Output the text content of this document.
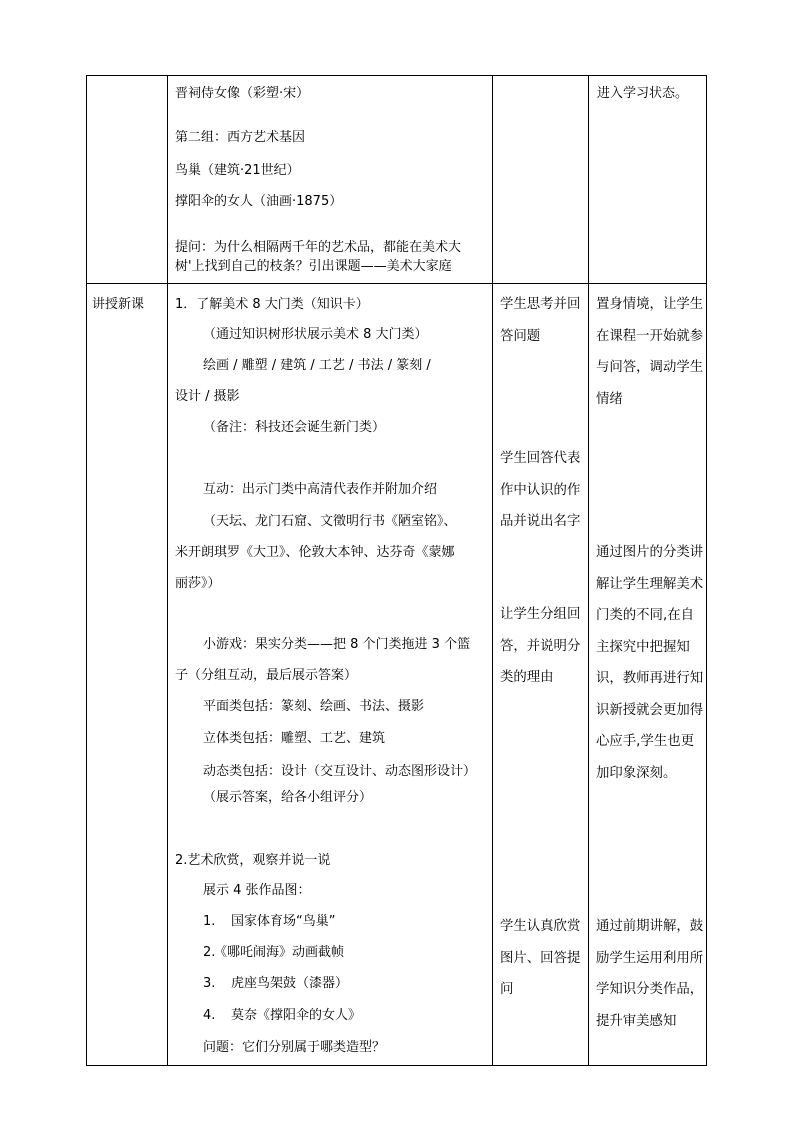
晋祠侍女像（彩塑·宋）
第二组：西方艺术基因
鸟巢（建筑·21世纪）
撑阳伞的女人（油画·1875）
提问：为什么相隔两千年的艺术品，都能在美术大
树'上找到自己的枝条？引出课题——美术大家庭
进入学习状态。
讲授新课 1．了解美术 8 大门类（知识卡）
（通过知识树形状展示美术 8 大门类）
绘画 / 雕塑 / 建筑 / 工艺 / 书法 / 篆刻 /
设计 / 摄影
（备注：科技还会诞生新门类）
互动：出示门类中高清代表作并附加介绍
（天坛、龙门石窟、文徵明行书《陋室铭》、
米开朗琪罗《大卫》、伦敦大本钟、达芬奇《蒙娜
丽莎》）
小游戏：果实分类——把 8 个门类拖进 3 个篮
子（分组互动，最后展示答案）
平面类包括：篆刻、绘画、书法、摄影
立体类包括：雕塑、工艺、建筑
动态类包括：设计（交互设计、动态图形设计）
（展示答案，给各小组评分）
2.艺术欣赏，观察并说一说
展示 4 张作品图：
1. 国家体育场“鸟巢”
2.
《哪吒闹海》动画截帧
3. 虎座鸟架鼓（漆器）
4. 莫奈《撑阳伞的女人》
问题：它们分别属于哪类造型？
学生思考并回答问题
学生回答代表作中认识的作品并说出名字
让学生分组回答，并说明分类的理由
学生认真欣赏图片、回答提问
置身情境，让学生在课程一开始就参与问答，调动学生情绪
通过图片的分类讲解让学生理解美术门类的不同,在自主探究中把握知识，教师再进行知识新授就会更加得心应手,学生也更加印象深刻。
通过前期讲解，鼓励学生运用利用所学知识分类作品，提升审美感知
